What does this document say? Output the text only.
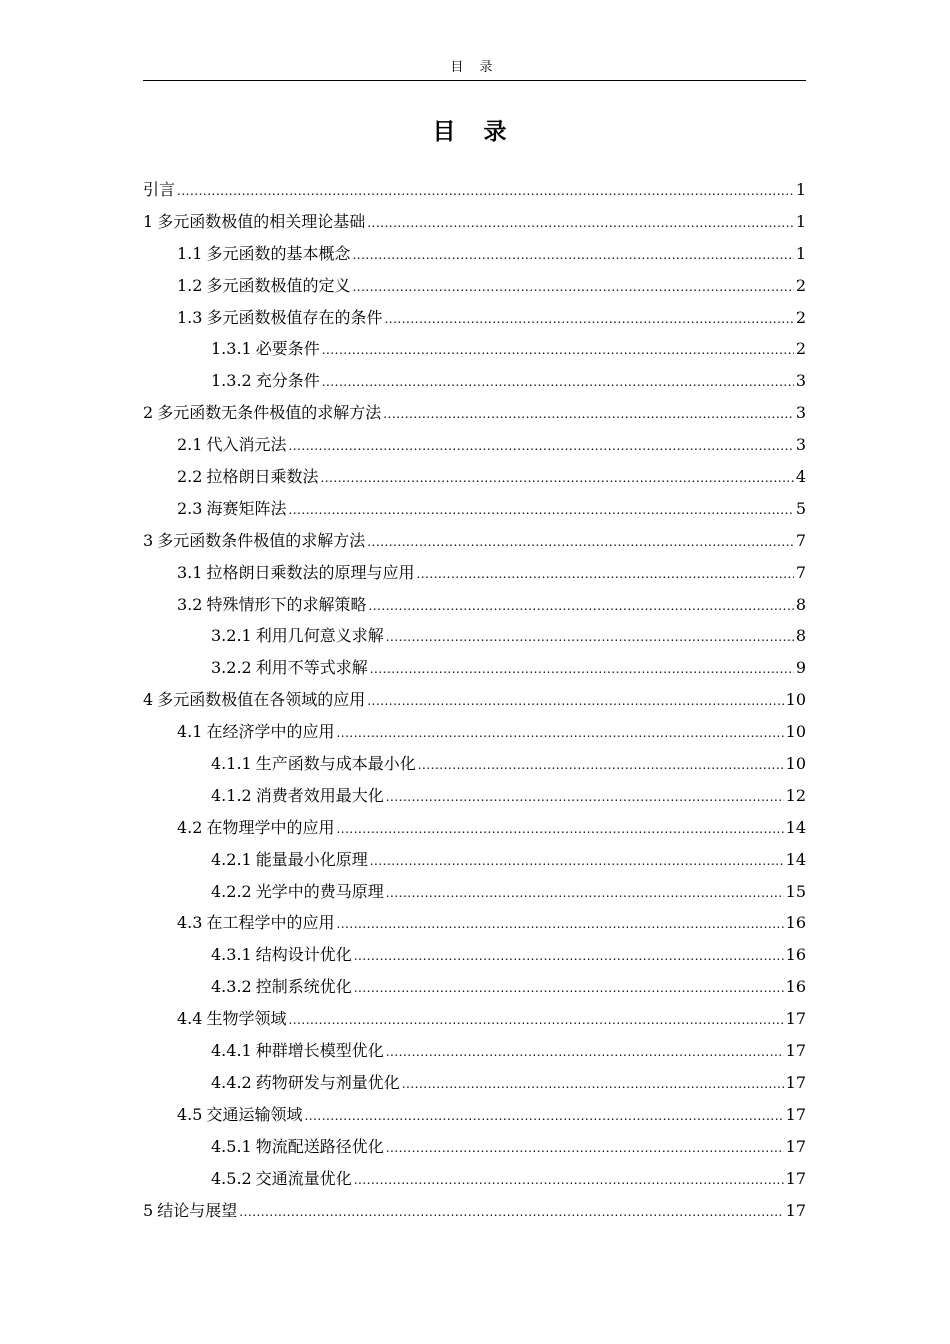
目 录
目 录
引言 .....	1
1 多元函数极值的相关理论基础 .....	1
1.1 多元函数的基本概念 .....	1
1.2 多元函数极值的定义 .....	2
1.3 多元函数极值存在的条件 .....	2
1.3.1 必要条件 .....	2
1.3.2 充分条件 .....	3
2 多元函数无条件极值的求解方法 .....	3
2.1 代入消元法 .....	3
2.2 拉格朗日乘数法 .....	4
2.3 海赛矩阵法 .....	5
3 多元函数条件极值的求解方法 .....	7
3.1 拉格朗日乘数法的原理与应用 .....	7
3.2 特殊情形下的求解策略 .....	8
3.2.1 利用几何意义求解 .....	8
3.2.2 利用不等式求解 .....	9
4 多元函数极值在各领域的应用 .....	10
4.1 在经济学中的应用 .....	10
4.1.1 生产函数与成本最小化 .....	10
4.1.2 消费者效用最大化 .....	12
4.2 在物理学中的应用 .....	14
4.2.1 能量最小化原理 .....	14
4.2.2 光学中的费马原理 .....	15
4.3 在工程学中的应用 .....	16
4.3.1 结构设计优化 .....	16
4.3.2 控制系统优化 .....	16
4.4 生物学领域 .....	17
4.4.1 种群增长模型优化 .....	17
4.4.2 药物研发与剂量优化 .....	17
4.5 交通运输领域 .....	17
4.5.1 物流配送路径优化 .....	17
4.5.2 交通流量优化 .....	17
5 结论与展望 .....	17
